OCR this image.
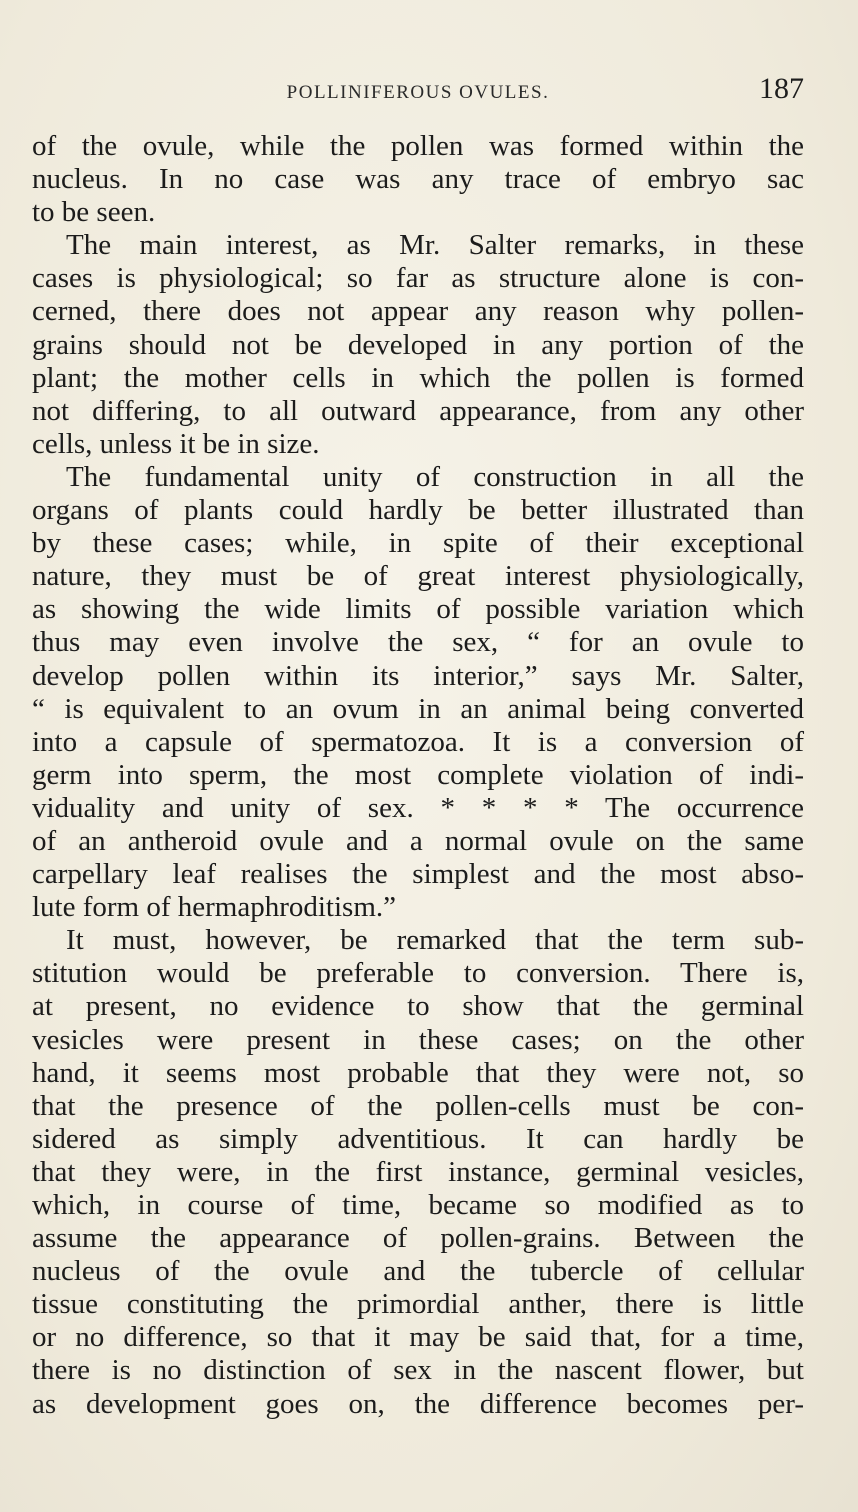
POLLINIFEROUS OVULES.	187
of the ovule, while the pollen was formed within the
nucleus. In no case was any trace of embryo sac
to be seen.
The main interest, as Mr. Salter remarks, in these
cases is physiological; so far as structure alone is con-
cerned, there does not appear any reason why pollen-
grains should not be developed in any portion of the
plant; the mother cells in which the pollen is formed
not differing, to all outward appearance, from any other
cells, unless it be in size.
The fundamental unity of construction in all the
organs of plants could hardly be better illustrated than
by these cases; while, in spite of their exceptional
nature, they must be of great interest physiologically,
as showing the wide limits of possible variation which
thus may even involve the sex, “ for an ovule to
develop pollen within its interior,” says Mr. Salter,
“ is equivalent to an ovum in an animal being converted
into a capsule of spermatozoa. It is a conversion of
germ into sperm, the most complete violation of indi-
viduality and unity of sex. * * * * The occurrence
of an antheroid ovule and a normal ovule on the same
carpellary leaf realises the simplest and the most abso-
lute form of hermaphroditism.”
It must, however, be remarked that the term sub-
stitution would be preferable to conversion. There is,
at present, no evidence to show that the germinal
vesicles were present in these cases; on the other
hand, it seems most probable that they were not, so
that the presence of the pollen-cells must be con-
sidered as simply adventitious. It can hardly be
that they were, in the first instance, germinal vesicles,
which, in course of time, became so modified as to
assume the appearance of pollen-grains. Between the
nucleus of the ovule and the tubercle of cellular
tissue constituting the primordial anther, there is little
or no difference, so that it may be said that, for a time,
there is no distinction of sex in the nascent flower, but
as development goes on, the difference becomes per-
